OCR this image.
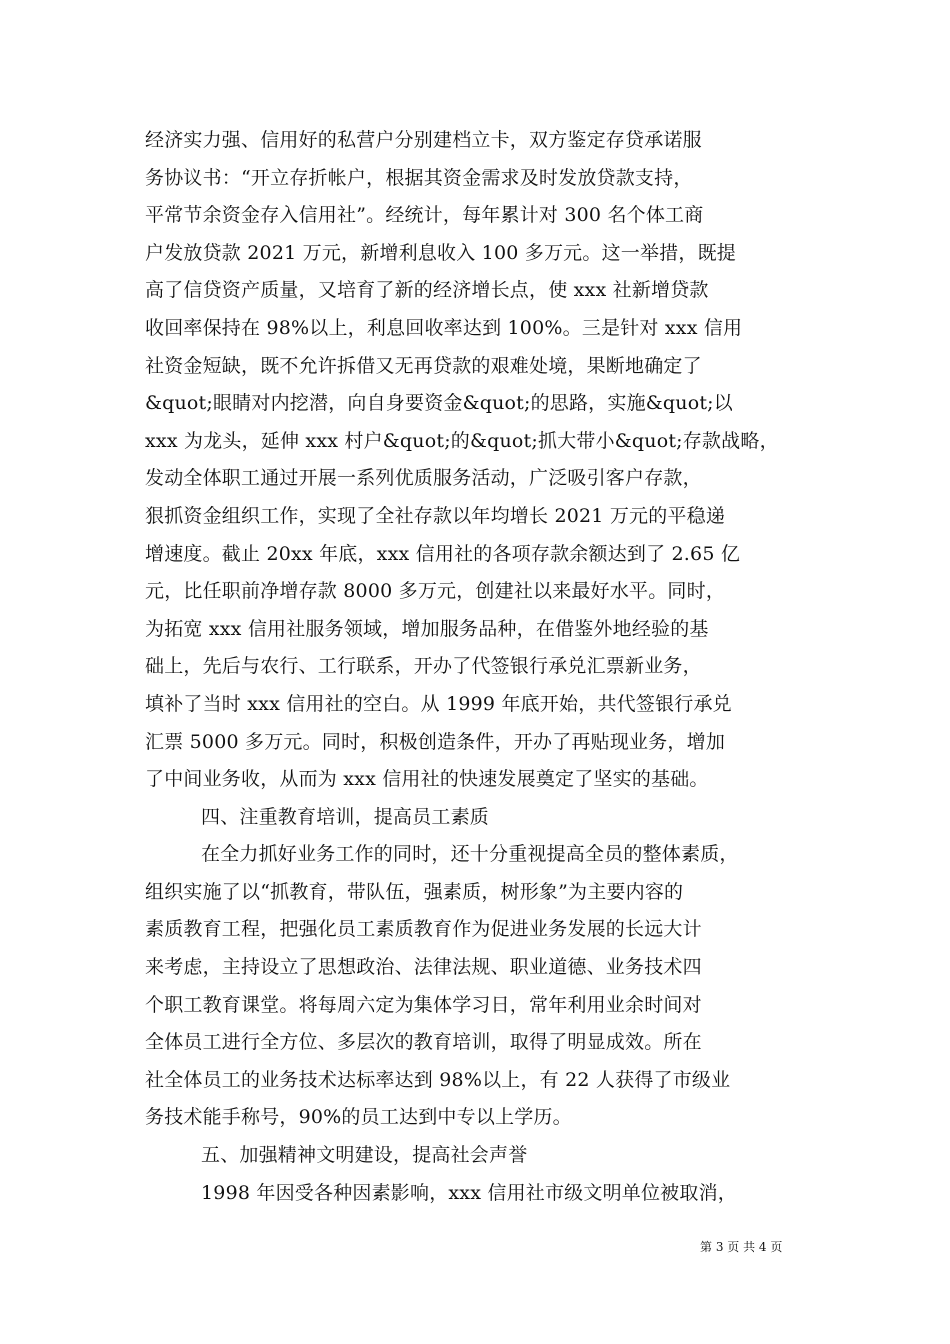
经济实力强、信用好的私营户分别建档立卡，双方鉴定存贷承诺服
务协议书：“开立存折帐户，根据其资金需求及时发放贷款支持，
平常节余资金存入信用社”。经统计，每年累计对 300 名个体工商
户发放贷款 2021 万元，新增利息收入 100 多万元。这一举措，既提
高了信贷资产质量，又培育了新的经济增长点，使 xxx 社新增贷款
收回率保持在 98%以上，利息回收率达到 100%。三是针对 xxx 信用
社资金短缺，既不允许拆借又无再贷款的艰难处境，果断地确定了
&quot;眼睛对内挖潜，向自身要资金&quot;的思路，实施&quot;以
xxx 为龙头，延伸 xxx 村户&quot;的&quot;抓大带小&quot;存款战略，
发动全体职工通过开展一系列优质服务活动，广泛吸引客户存款，
狠抓资金组织工作，实现了全社存款以年均增长 2021 万元的平稳递
增速度。截止 20xx 年底，xxx 信用社的各项存款余额达到了 2.65 亿
元，比任职前净增存款 8000 多万元，创建社以来最好水平。同时，
为拓宽 xxx 信用社服务领域，增加服务品种，在借鉴外地经验的基
础上，先后与农行、工行联系，开办了代签银行承兑汇票新业务，
填补了当时 xxx 信用社的空白。从 1999 年底开始，共代签银行承兑
汇票 5000 多万元。同时，积极创造条件，开办了再贴现业务，增加
了中间业务收，从而为 xxx 信用社的快速发展奠定了坚实的基础。
四、注重教育培训，提高员工素质
在全力抓好业务工作的同时，还十分重视提高全员的整体素质，
组织实施了以“抓教育，带队伍，强素质，树形象”为主要内容的
素质教育工程，把强化员工素质教育作为促进业务发展的长远大计
来考虑，主持设立了思想政治、法律法规、职业道德、业务技术四
个职工教育课堂。将每周六定为集体学习日，常年利用业余时间对
全体员工进行全方位、多层次的教育培训，取得了明显成效。所在
社全体员工的业务技术达标率达到 98%以上，有 22 人获得了市级业
务技术能手称号，90%的员工达到中专以上学历。
五、加强精神文明建设，提高社会声誉
1998 年因受各种因素影响，xxx 信用社市级文明单位被取消，
第 3 页 共 4 页
